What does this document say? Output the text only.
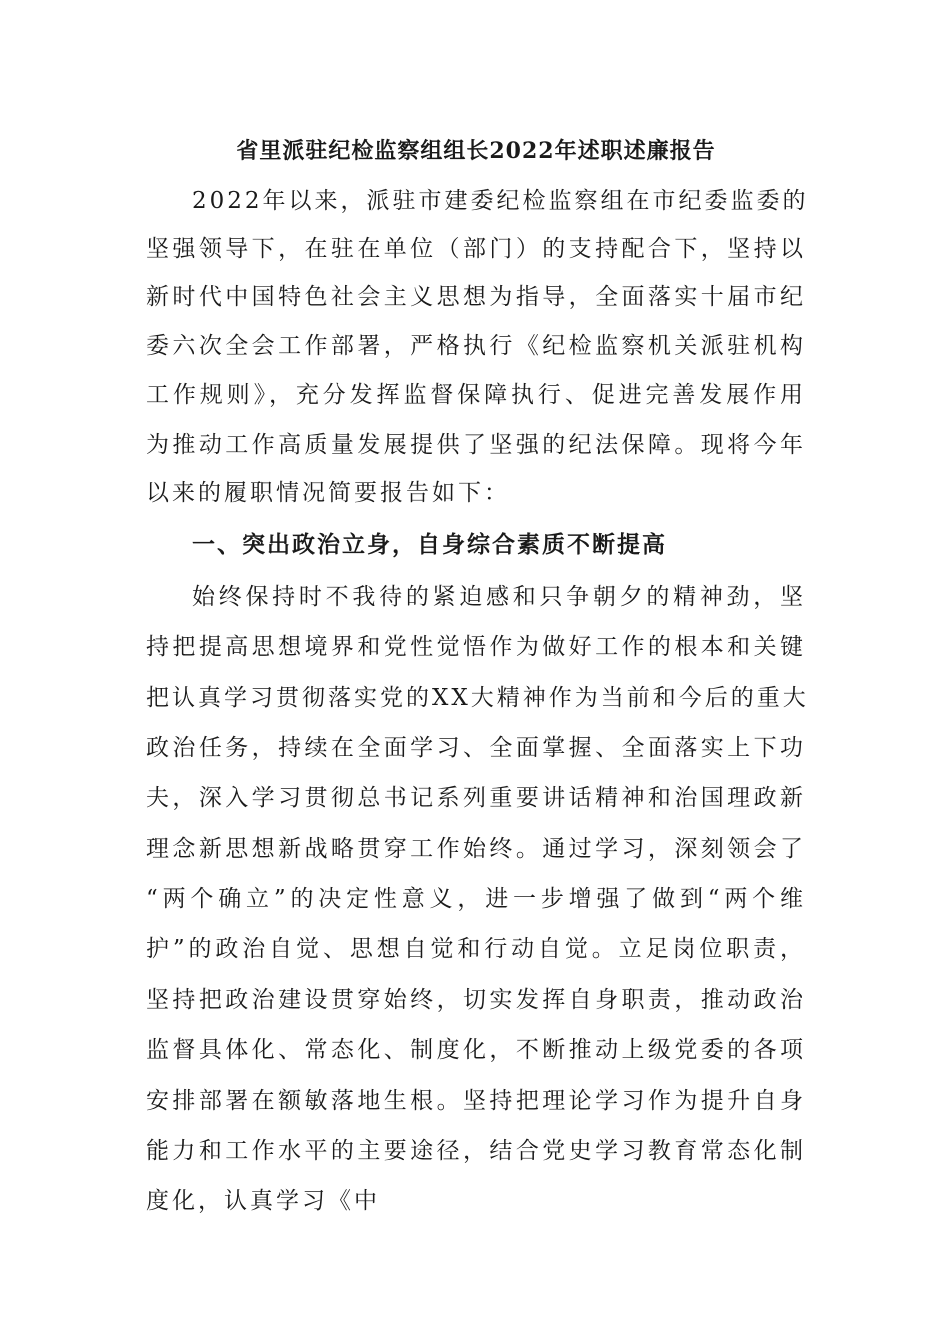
省里派驻纪检监察组组长2022年述职述廉报告
2022年以来，派驻市建委纪检监察组在市纪委监委的
坚强领导下，在驻在单位（部门）的支持配合下，坚持以
新时代中国特色社会主义思想为指导，全面落实十届市纪
委六次全会工作部署，严格执行《纪检监察机关派驻机构
工作规则》，充分发挥监督保障执行、促进完善发展作用
为推动工作高质量发展提供了坚强的纪法保障。现将今年
以来的履职情况简要报告如下：
一、突出政治立身，自身综合素质不断提高
始终保持时不我待的紧迫感和只争朝夕的精神劲，坚
持把提高思想境界和党性觉悟作为做好工作的根本和关键
把认真学习贯彻落实党的XX大精神作为当前和今后的重大
政治任务，持续在全面学习、全面掌握、全面落实上下功
夫，深入学习贯彻总书记系列重要讲话精神和治国理政新
理念新思想新战略贯穿工作始终。通过学习，深刻领会了
“两个确立”的决定性意义，进一步增强了做到“两个维
护”的政治自觉、思想自觉和行动自觉。立足岗位职责，
坚持把政治建设贯穿始终，切实发挥自身职责，推动政治
监督具体化、常态化、制度化，不断推动上级党委的各项
安排部署在额敏落地生根。坚持把理论学习作为提升自身
能力和工作水平的主要途径，结合党史学习教育常态化制
度化，认真学习《中
